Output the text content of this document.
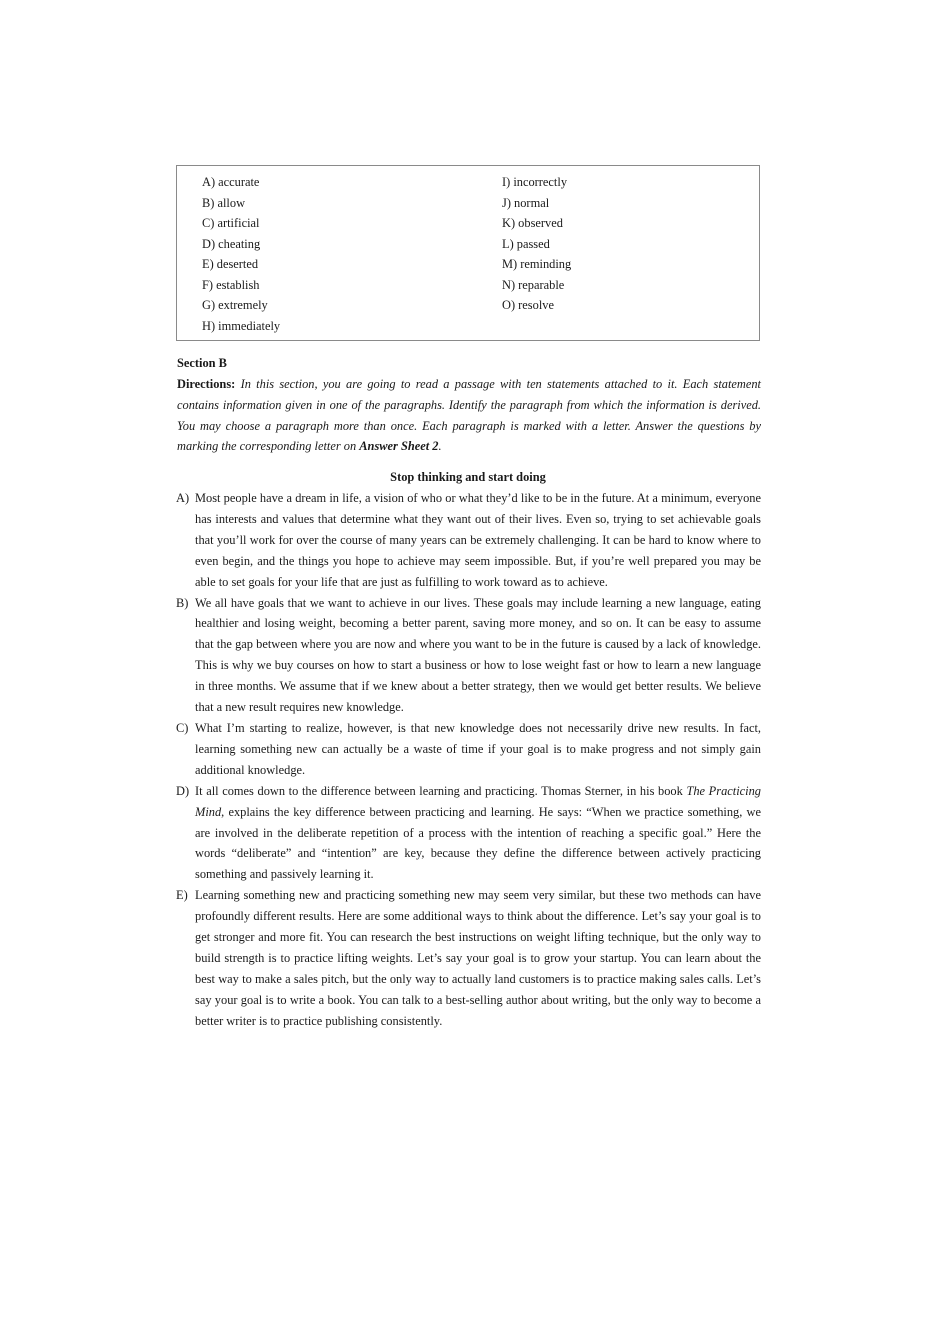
A) accurate
B) allow
C) artificial
D) cheating
E) deserted
F) establish
G) extremely
H) immediately
I) incorrectly
J) normal
K) observed
L) passed
M) reminding
N) reparable
O) resolve
Section B
Directions: In this section, you are going to read a passage with ten statements attached to it. Each statement contains information given in one of the paragraphs. Identify the paragraph from which the information is derived. You may choose a paragraph more than once. Each paragraph is marked with a letter. Answer the questions by marking the corresponding letter on Answer Sheet 2.
Stop thinking and start doing
A) Most people have a dream in life, a vision of who or what they’d like to be in the future. At a minimum, everyone has interests and values that determine what they want out of their lives. Even so, trying to set achievable goals that you’ll work for over the course of many years can be extremely challenging. It can be hard to know where to even begin, and the things you hope to achieve may seem impossible. But, if you’re well prepared you may be able to set goals for your life that are just as fulfilling to work toward as to achieve.
B) We all have goals that we want to achieve in our lives. These goals may include learning a new language, eating healthier and losing weight, becoming a better parent, saving more money, and so on. It can be easy to assume that the gap between where you are now and where you want to be in the future is caused by a lack of knowledge. This is why we buy courses on how to start a business or how to lose weight fast or how to learn a new language in three months. We assume that if we knew about a better strategy, then we would get better results. We believe that a new result requires new knowledge.
C) What I’m starting to realize, however, is that new knowledge does not necessarily drive new results. In fact, learning something new can actually be a waste of time if your goal is to make progress and not simply gain additional knowledge.
D) It all comes down to the difference between learning and practicing. Thomas Sterner, in his book The Practicing Mind, explains the key difference between practicing and learning. He says: “When we practice something, we are involved in the deliberate repetition of a process with the intention of reaching a specific goal.” Here the words “deliberate” and “intention” are key, because they define the difference between actively practicing something and passively learning it.
E) Learning something new and practicing something new may seem very similar, but these two methods can have profoundly different results. Here are some additional ways to think about the difference. Let’s say your goal is to get stronger and more fit. You can research the best instructions on weight lifting technique, but the only way to build strength is to practice lifting weights. Let’s say your goal is to grow your startup. You can learn about the best way to make a sales pitch, but the only way to actually land customers is to practice making sales calls. Let’s say your goal is to write a book. You can talk to a best-selling author about writing, but the only way to become a better writer is to practice publishing consistently.
